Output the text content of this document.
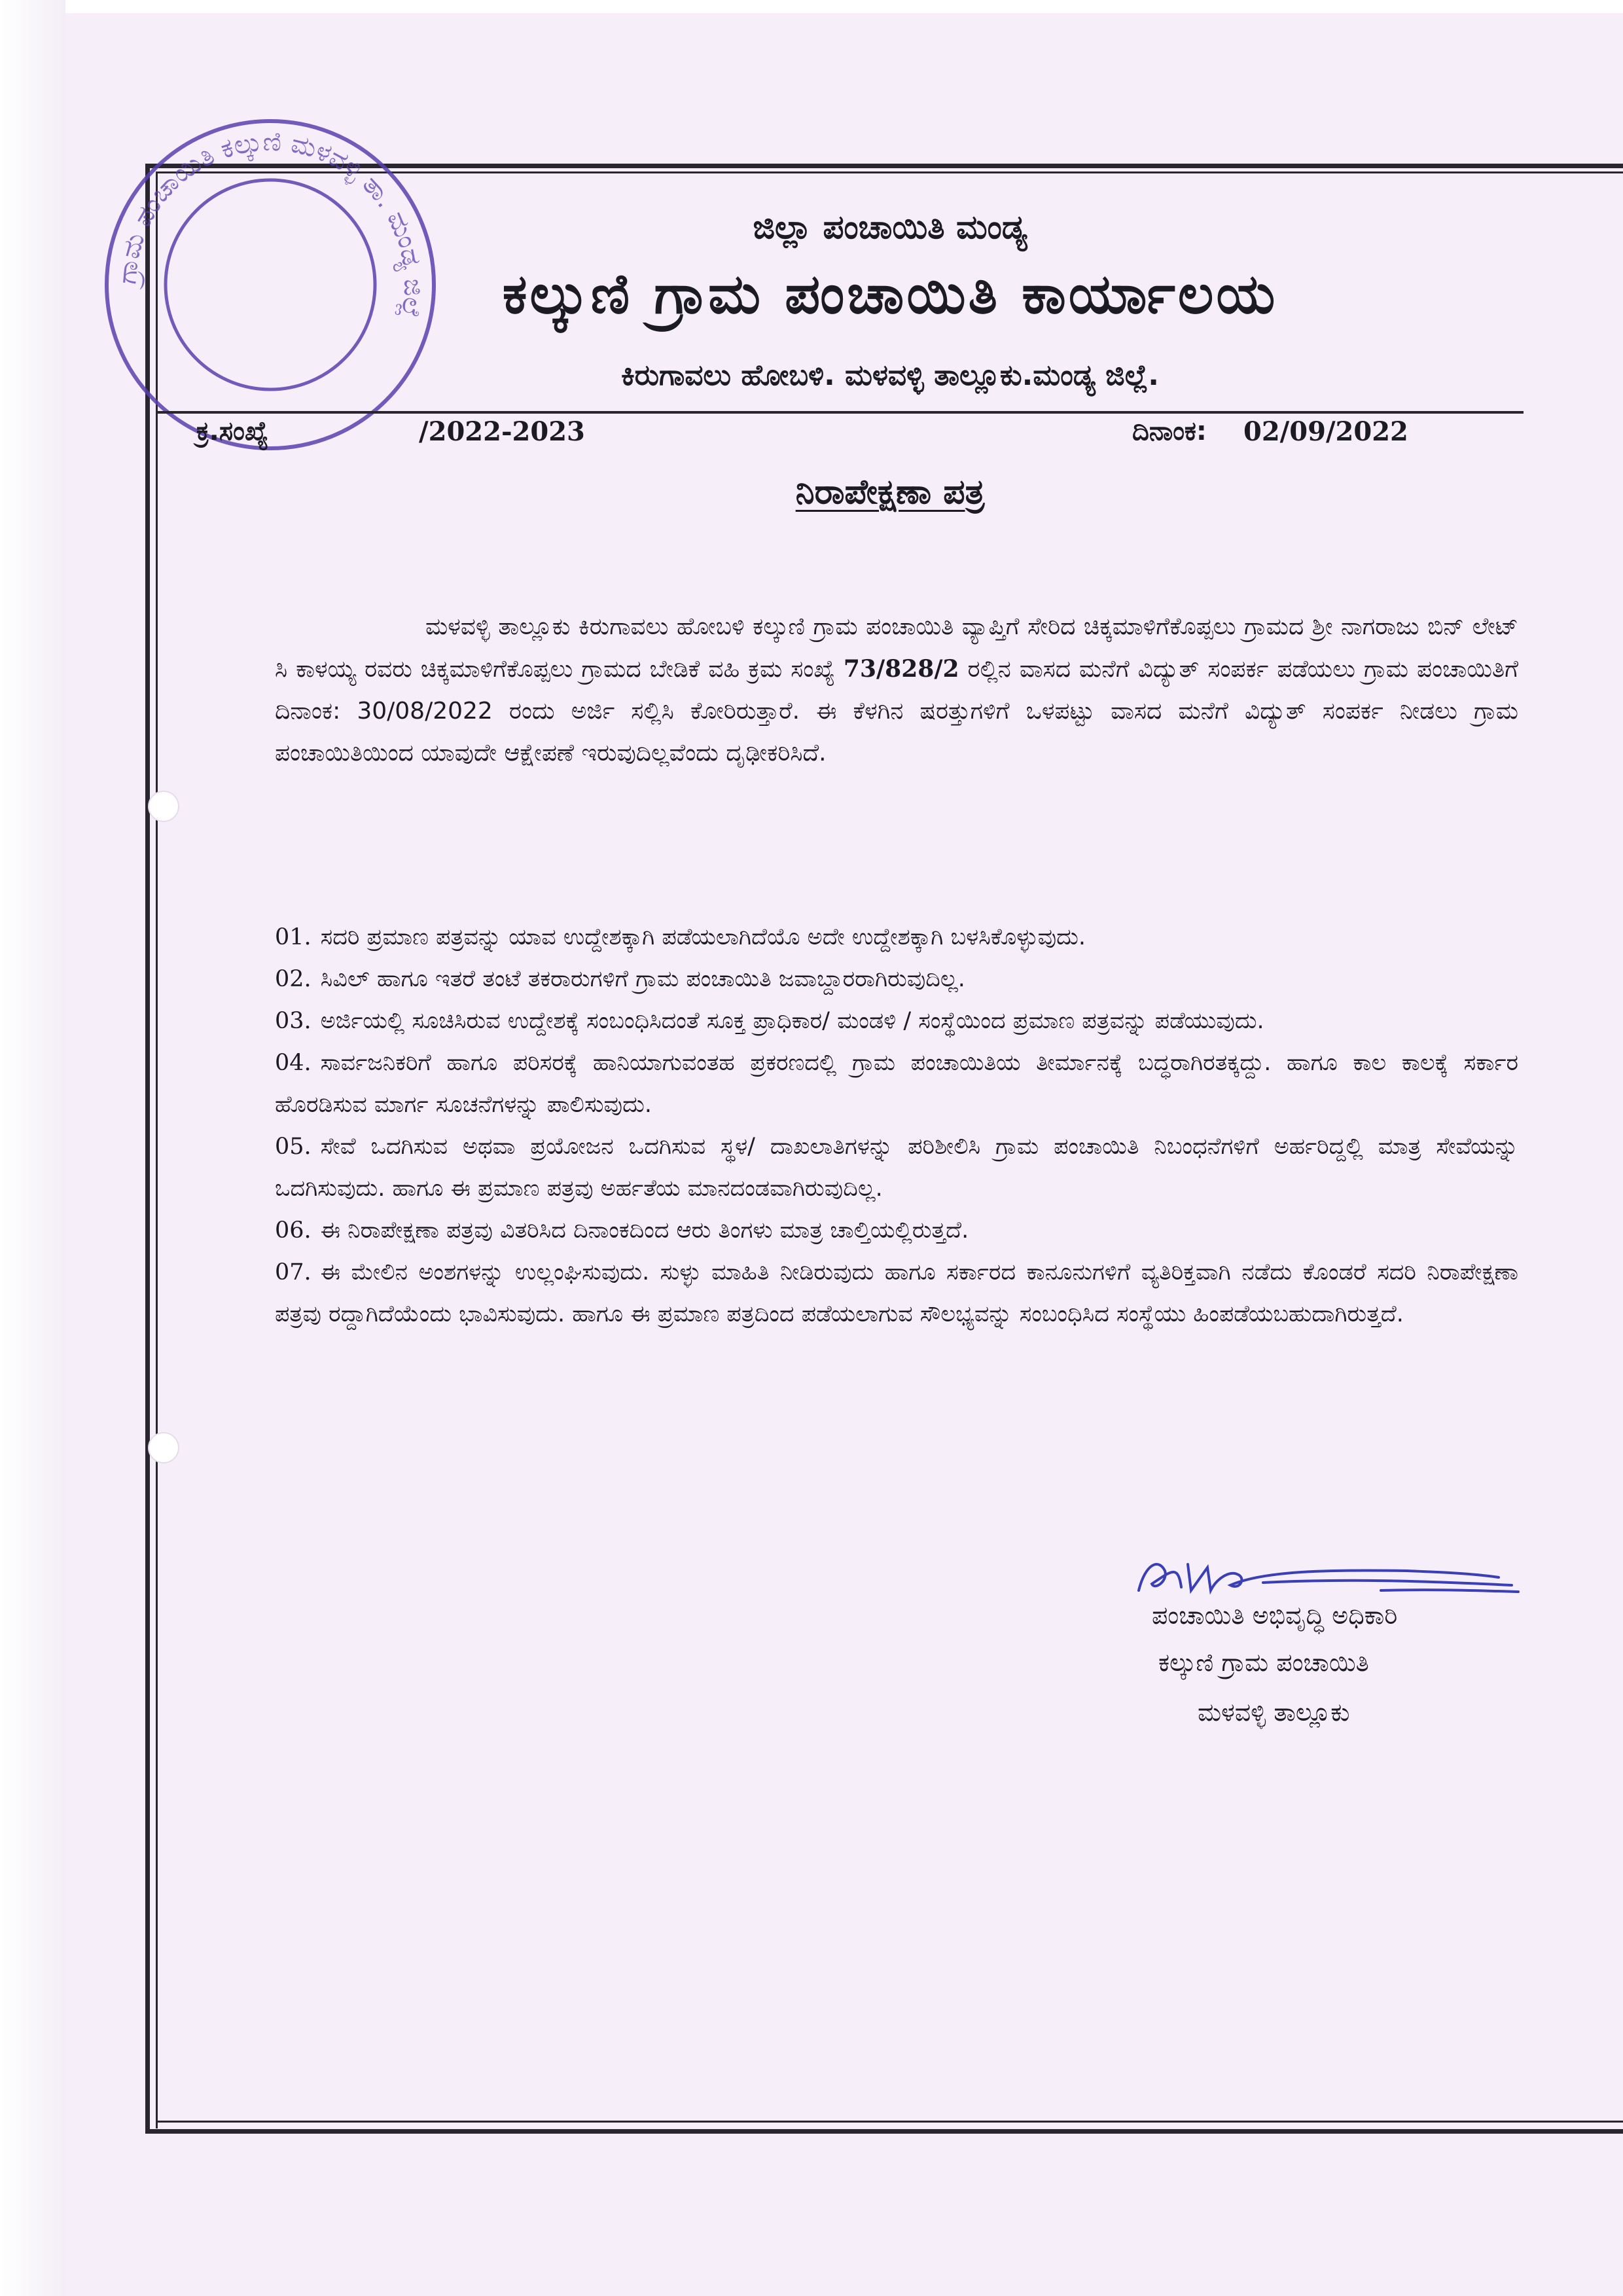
ಗ್ರಾಮ ಪಂಚಾಯಿತಿ ಕಲ್ಕುಣಿ ಮಳವಳ್ಳಿ ತಾ. ಮಂಡ್ಯ ಜಿಲ್ಲೆ
ಜಿಲ್ಲಾ ಪಂಚಾಯಿತಿ ಮಂಡ್ಯ
ಕಲ್ಕುಣಿ ಗ್ರಾಮ ಪಂಚಾಯಿತಿ ಕಾರ್ಯಾಲಯ
ಕಿರುಗಾವಲು ಹೋಬಳಿ. ಮಳವಳ್ಳಿ ತಾಲ್ಲೂಕು.ಮಂಡ್ಯ ಜಿಲ್ಲೆ.
ಕ್ರ.ಸಂಖ್ಯೆ	/2022-2023	ದಿನಾಂಕ: 02/09/2022
ನಿರಾಪೇಕ್ಷಣಾ ಪತ್ರ

ಮಳವಳ್ಳಿ ತಾಲ್ಲೂಕು ಕಿರುಗಾವಲು ಹೋಬಳಿ ಕಲ್ಕುಣಿ ಗ್ರಾಮ ಪಂಚಾಯಿತಿ ವ್ಯಾಪ್ತಿಗೆ ಸೇರಿದ ಚಿಕ್ಕಮಾಳಿಗೆಕೊಪ್ಪಲು ಗ್ರಾಮದ ಶ್ರೀ ನಾಗರಾಜು ಬಿನ್ ಲೇಟ್ ಸಿ ಕಾಳಯ್ಯ ರವರು ಚಿಕ್ಕಮಾಳಿಗೆಕೊಪ್ಪಲು ಗ್ರಾಮದ ಬೇಡಿಕೆ ವಹಿ ಕ್ರಮ ಸಂಖ್ಯೆ 73/828/2 ರಲ್ಲಿನ ವಾಸದ ಮನೆಗೆ ವಿದ್ಯುತ್ ಸಂಪರ್ಕ ಪಡೆಯಲು ಗ್ರಾಮ ಪಂಚಾಯಿತಿಗೆ ದಿನಾಂಕ: 30/08/2022 ರಂದು ಅರ್ಜಿ ಸಲ್ಲಿಸಿ ಕೋರಿರುತ್ತಾರೆ. ಈ ಕೆಳಗಿನ ಷರತ್ತುಗಳಿಗೆ ಒಳಪಟ್ಟು ವಾಸದ ಮನೆಗೆ ವಿದ್ಯುತ್ ಸಂಪರ್ಕ ನೀಡಲು ಗ್ರಾಮ ಪಂಚಾಯಿತಿಯಿಂದ ಯಾವುದೇ ಆಕ್ಷೇಪಣೆ ಇರುವುದಿಲ್ಲವೆಂದು ದೃಢೀಕರಿಸಿದೆ.

01. ಸದರಿ ಪ್ರಮಾಣ ಪತ್ರವನ್ನು ಯಾವ ಉದ್ದೇಶಕ್ಕಾಗಿ ಪಡೆಯಲಾಗಿದೆಯೊ ಅದೇ ಉದ್ದೇಶಕ್ಕಾಗಿ ಬಳಸಿಕೊಳ್ಳುವುದು.
02. ಸಿವಿಲ್ ಹಾಗೂ ಇತರೆ ತಂಟೆ ತಕರಾರುಗಳಿಗೆ ಗ್ರಾಮ ಪಂಚಾಯಿತಿ ಜವಾಬ್ದಾರರಾಗಿರುವುದಿಲ್ಲ.
03. ಅರ್ಜಿಯಲ್ಲಿ ಸೂಚಿಸಿರುವ ಉದ್ದೇಶಕ್ಕೆ ಸಂಬಂಧಿಸಿದಂತೆ ಸೂಕ್ತ ಪ್ರಾಧಿಕಾರ/ ಮಂಡಳಿ / ಸಂಸ್ಥೆಯಿಂದ ಪ್ರಮಾಣ ಪತ್ರವನ್ನು ಪಡೆಯುವುದು.
04. ಸಾರ್ವಜನಿಕರಿಗೆ ಹಾಗೂ ಪರಿಸರಕ್ಕೆ ಹಾನಿಯಾಗುವಂತಹ ಪ್ರಕರಣದಲ್ಲಿ ಗ್ರಾಮ ಪಂಚಾಯಿತಿಯ ತೀರ್ಮಾನಕ್ಕೆ ಬದ್ಧರಾಗಿರತಕ್ಕದ್ದು. ಹಾಗೂ ಕಾಲ ಕಾಲಕ್ಕೆ ಸರ್ಕಾರ ಹೊರಡಿಸುವ ಮಾರ್ಗ ಸೂಚನೆಗಳನ್ನು ಪಾಲಿಸುವುದು.
05. ಸೇವೆ ಒದಗಿಸುವ ಅಥವಾ ಪ್ರಯೋಜನ ಒದಗಿಸುವ ಸ್ಥಳ/ ದಾಖಲಾತಿಗಳನ್ನು ಪರಿಶೀಲಿಸಿ ಗ್ರಾಮ ಪಂಚಾಯಿತಿ ನಿಬಂಧನೆಗಳಿಗೆ ಅರ್ಹರಿದ್ದಲ್ಲಿ ಮಾತ್ರ ಸೇವೆಯನ್ನು ಒದಗಿಸುವುದು. ಹಾಗೂ ಈ ಪ್ರಮಾಣ ಪತ್ರವು ಅರ್ಹತೆಯ ಮಾನದಂಡವಾಗಿರುವುದಿಲ್ಲ.
06. ಈ ನಿರಾಪೇಕ್ಷಣಾ ಪತ್ರವು ವಿತರಿಸಿದ ದಿನಾಂಕದಿಂದ ಆರು ತಿಂಗಳು ಮಾತ್ರ ಚಾಲ್ತಿಯಲ್ಲಿರುತ್ತದೆ.
07. ಈ ಮೇಲಿನ ಅಂಶಗಳನ್ನು ಉಲ್ಲಂಘಿಸುವುದು. ಸುಳ್ಳು ಮಾಹಿತಿ ನೀಡಿರುವುದು ಹಾಗೂ ಸರ್ಕಾರದ ಕಾನೂನುಗಳಿಗೆ ವ್ಯತಿರಿಕ್ತವಾಗಿ ನಡೆದು ಕೊಂಡರೆ ಸದರಿ ನಿರಾಪೇಕ್ಷಣಾ ಪತ್ರವು ರದ್ದಾಗಿದೆಯೆಂದು ಭಾವಿಸುವುದು. ಹಾಗೂ ಈ ಪ್ರಮಾಣ ಪತ್ರದಿಂದ ಪಡೆಯಲಾಗುವ ಸೌಲಭ್ಯವನ್ನು ಸಂಬಂಧಿಸಿದ ಸಂಸ್ಥೆಯು ಹಿಂಪಡೆಯಬಹುದಾಗಿರುತ್ತದೆ.
ಪಂಚಾಯಿತಿ ಅಭಿವೃದ್ಧಿ ಅಧಿಕಾರಿ
ಕಲ್ಕುಣಿ ಗ್ರಾಮ ಪಂಚಾಯಿತಿ
ಮಳವಳ್ಳಿ ತಾಲ್ಲೂಕು
